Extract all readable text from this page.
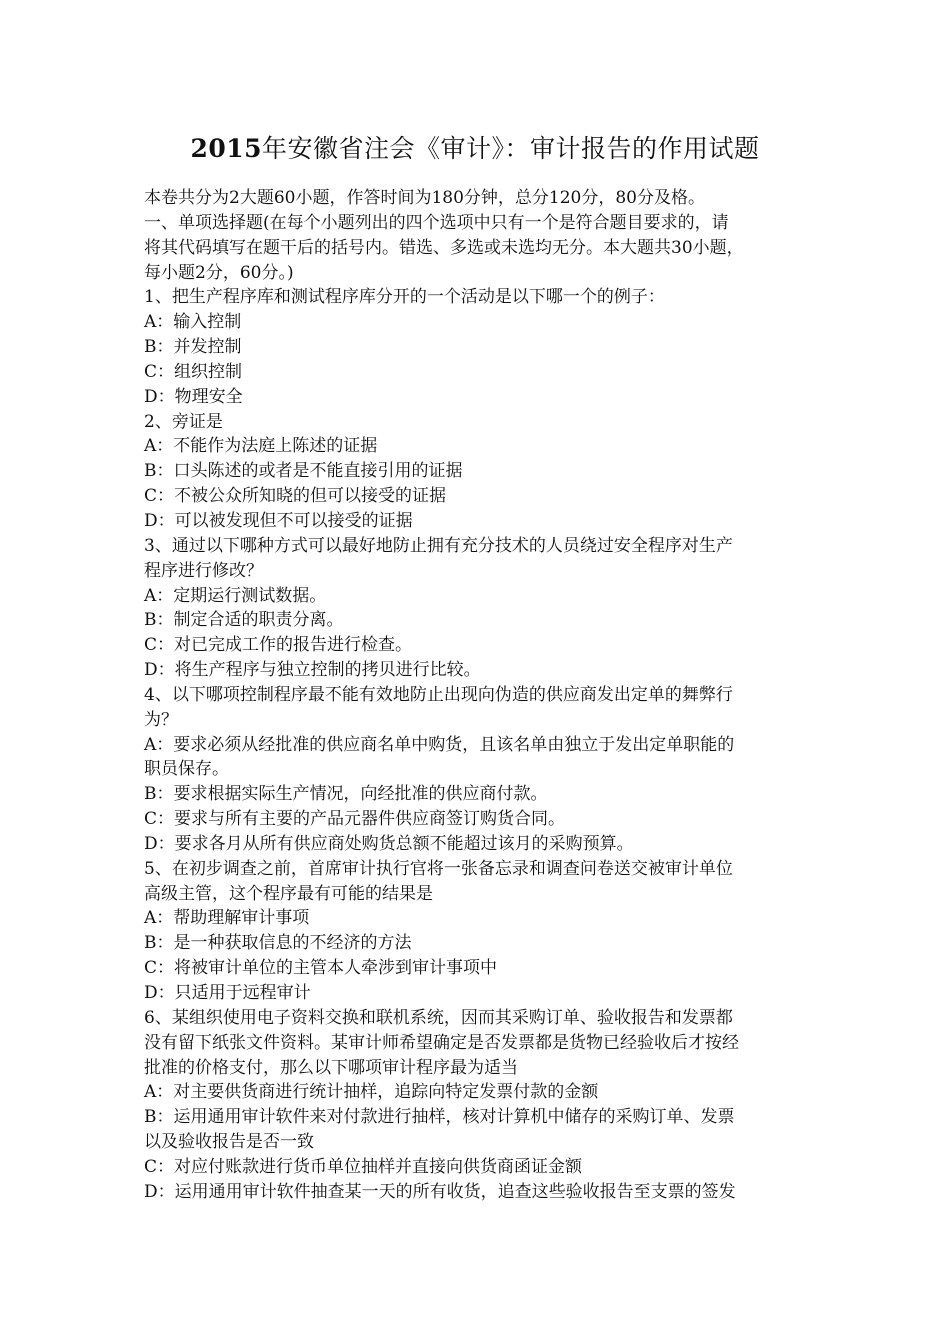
2015年安徽省注会《审计》：审计报告的作用试题
本卷共分为2大题60小题，作答时间为180分钟，总分120分，80分及格。
一、单项选择题(在每个小题列出的四个选项中只有一个是符合题目要求的，请
将其代码填写在题干后的括号内。错选、多选或未选均无分。本大题共30小题，
每小题2分，60分。)
1、把生产程序库和测试程序库分开的一个活动是以下哪一个的例子：
A：输入控制
B：并发控制
C：组织控制
D：物理安全
2、旁证是
A：不能作为法庭上陈述的证据
B：口头陈述的或者是不能直接引用的证据
C：不被公众所知晓的但可以接受的证据
D：可以被发现但不可以接受的证据
3、通过以下哪种方式可以最好地防止拥有充分技术的人员绕过安全程序对生产
程序进行修改？
A：定期运行测试数据。
B：制定合适的职责分离。
C：对已完成工作的报告进行检查。
D：将生产程序与独立控制的拷贝进行比较。
4、以下哪项控制程序最不能有效地防止出现向伪造的供应商发出定单的舞弊行
为？
A：要求必须从经批准的供应商名单中购货，且该名单由独立于发出定单职能的
职员保存。
B：要求根据实际生产情况，向经批准的供应商付款。
C：要求与所有主要的产品元器件供应商签订购货合同。
D：要求各月从所有供应商处购货总额不能超过该月的采购预算。
5、在初步调查之前，首席审计执行官将一张备忘录和调查问卷送交被审计单位
高级主管，这个程序最有可能的结果是
A：帮助理解审计事项
B：是一种获取信息的不经济的方法
C：将被审计单位的主管本人牵涉到审计事项中
D：只适用于远程审计
6、某组织使用电子资料交换和联机系统，因而其采购订单、验收报告和发票都
没有留下纸张文件资料。某审计师希望确定是否发票都是货物已经验收后才按经
批准的价格支付，那么以下哪项审计程序最为适当
A：对主要供货商进行统计抽样，追踪向特定发票付款的金额
B：运用通用审计软件来对付款进行抽样，核对计算机中储存的采购订单、发票
以及验收报告是否一致
C：对应付账款进行货币单位抽样并直接向供货商函证金额
D：运用通用审计软件抽查某一天的所有收货，追查这些验收报告至支票的签发
